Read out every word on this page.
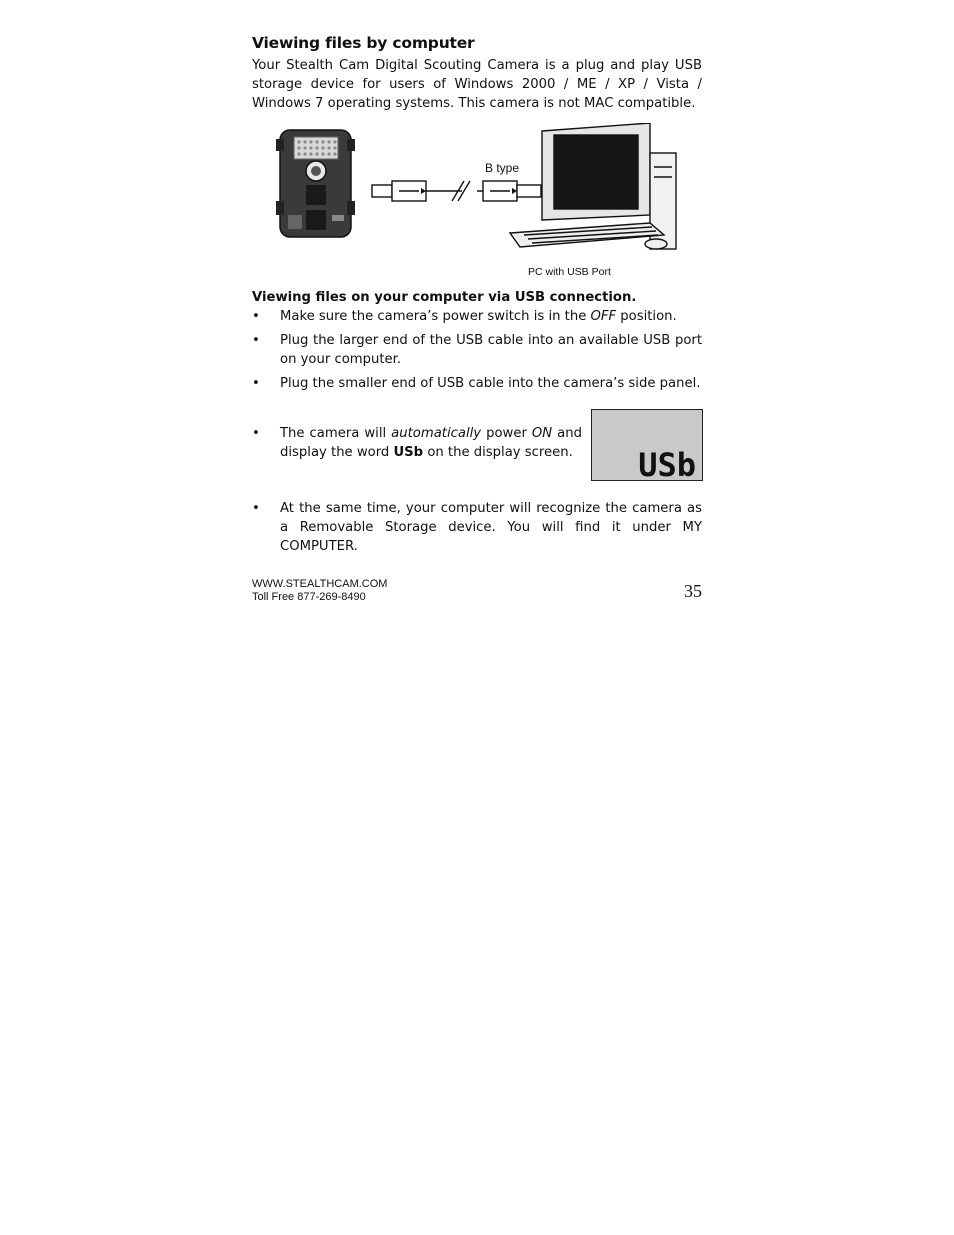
Viewing files by computer

Your Stealth Cam Digital Scouting Camera is a plug and play USB storage device for users of Windows 2000 / ME / XP / Vista / Windows 7 operating systems. This camera is not MAC compatible.

B type
PC with USB Port

Viewing files on your computer via USB connection.

• Make sure the camera’s power switch is in the OFF position.
• Plug the larger end of the USB cable into an available USB port on your computer.
• Plug the smaller end of USB cable into the camera’s side panel.
• The camera will automatically power ON and display the word USb on the display screen. USb
• At the same time, your computer will recognize the camera as a Removable Storage device. You will find it under MY COMPUTER.
WWW.STEALTHCAM.COM
Toll Free 877-269-8490	35
